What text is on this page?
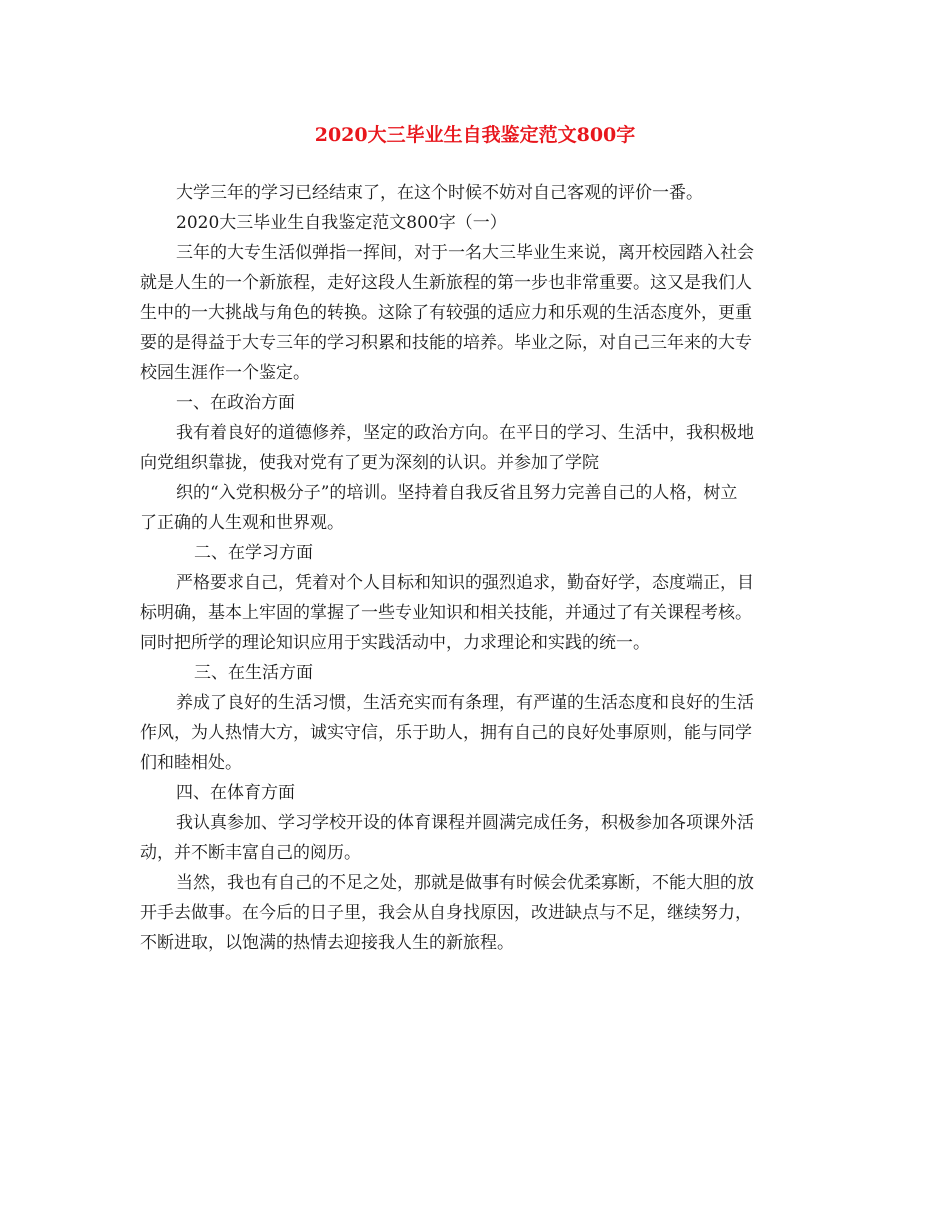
2020大三毕业生自我鉴定范文800字
大学三年的学习已经结束了，在这个时候不妨对自己客观的评价一番。
2020大三毕业生自我鉴定范文800字（一）
三年的大专生活似弹指一挥间，对于一名大三毕业生来说，离开校园踏入社会
就是人生的一个新旅程，走好这段人生新旅程的第一步也非常重要。这又是我们人
生中的一大挑战与角色的转换。这除了有较强的适应力和乐观的生活态度外，更重
要的是得益于大专三年的学习积累和技能的培养。毕业之际，对自己三年来的大专
校园生涯作一个鉴定。
一、在政治方面
我有着良好的道德修养，坚定的政治方向。在平日的学习、生活中，我积极地
向党组织靠拢，使我对党有了更为深刻的认识。并参加了学院
织的“入党积极分子”的培训。坚持着自我反省且努力完善自己的人格，树立
了正确的人生观和世界观。
二、在学习方面
严格要求自己，凭着对个人目标和知识的强烈追求，勤奋好学，态度端正，目
标明确，基本上牢固的掌握了一些专业知识和相关技能，并通过了有关课程考核。
同时把所学的理论知识应用于实践活动中，力求理论和实践的统一。
三、在生活方面
养成了良好的生活习惯，生活充实而有条理，有严谨的生活态度和良好的生活
作风，为人热情大方，诚实守信，乐于助人，拥有自己的良好处事原则，能与同学
们和睦相处。
四、在体育方面
我认真参加、学习学校开设的体育课程并圆满完成任务，积极参加各项课外活
动，并不断丰富自己的阅历。
当然，我也有自己的不足之处，那就是做事有时候会优柔寡断，不能大胆的放
开手去做事。在今后的日子里，我会从自身找原因，改进缺点与不足，继续努力，
不断进取，以饱满的热情去迎接我人生的新旅程。
